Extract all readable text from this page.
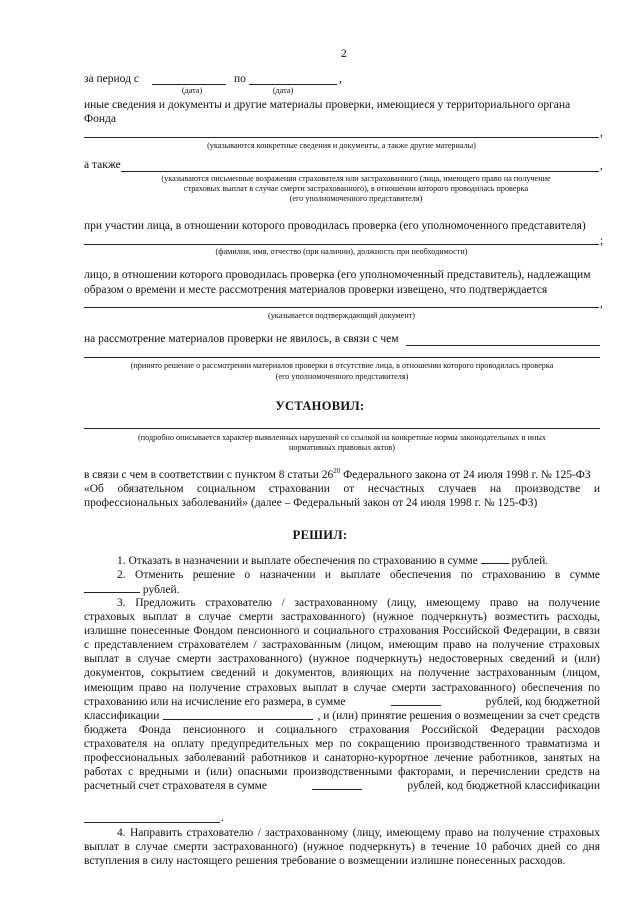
2
за период с	по	,
(дата)	(дата)
иные сведения и документы и другие материалы проверки, имеющиеся у территориального органа
Фонда
,
(указываются конкретные сведения и документы, а также другие материалы)
а также	,
(указываются письменные возражения страхователя или застрахованного (лица, имеющего право на получение
страховых выплат в случае смерти застрахованного), в отношении которого проводилась проверка
(его уполномоченного представителя)
при участии лица, в отношении которого проводилась проверка (его уполномоченного представителя)
;
(фамилия, имя, отчество (при наличии), должность при необходимости)
лицо, в отношении которого проводилась проверка (его уполномоченный представитель), надлежащим
образом о времени и месте рассмотрения материалов проверки извещено, что подтверждается
,
(указывается подтверждающий документ)
на рассмотрение материалов проверки не явилось, в связи с чем
(принято решение о рассмотрении материалов проверки в отсутствие лица, в отношении которого проводилась проверка
(его уполномоченного представителя)
УСТАНОВИЛ:
(подробно описывается характер выявленных нарушений со ссылкой на конкретные нормы законодательных и иных
нормативных правовых актов)
в связи с чем в соответствии с пунктом 8 статьи $26^{20}$ Федерального закона от 24 июля 1998 г. № 125-ФЗ
«Об обязательном социальном страховании от несчастных случаев на производстве и
профессиональных заболеваний» (далее – Федеральный закон от 24 июля 1998 г. № 125-ФЗ)
РЕШИЛ:
1. Отказать в назначении и выплате обеспечения по страхованию в сумме	рублей.
2. Отменить решение о назначении и выплате обеспечения по страхованию в сумме
рублей.
3. Предложить страхователю / застрахованному (лицу, имеющему право на получение
страховых выплат в случае смерти застрахованного) (нужное подчеркнуть) возместить расходы,
излишне понесенные Фондом пенсионного и социального страхования Российской Федерации, в связи
с представлением страхователем / застрахованным (лицом, имеющим право на получение страховых
выплат в случае смерти застрахованного) (нужное подчеркнуть) недостоверных сведений и (или)
документов, сокрытием сведений и документов, влияющих на получение застрахованным (лицом,
имеющим право на получение страховых выплат в случае смерти застрахованного) обеспечения по
страхованию или на исчисление его размера, в сумме	рублей, код бюджетной
классификации	, и (или) принятие решения о возмещении за счет средств
бюджета Фонда пенсионного и социального страхования Российской Федерации расходов
страхователя на оплату предупредительных мер по сокращению производственного травматизма и
профессиональных заболеваний работников и санаторно-курортное лечение работников, занятых на
работах с вредными и (или) опасными производственными факторами, и перечислении средств на
расчетный счет страхователя в сумме	рублей, код бюджетной классификации
.
4. Направить страхователю / застрахованному (лицу, имеющему право на получение страховых
выплат в случае смерти застрахованного) (нужное подчеркнуть) в течение 10 рабочих дней со дня
вступления в силу настоящего решения требование о возмещении излишне понесенных расходов.
